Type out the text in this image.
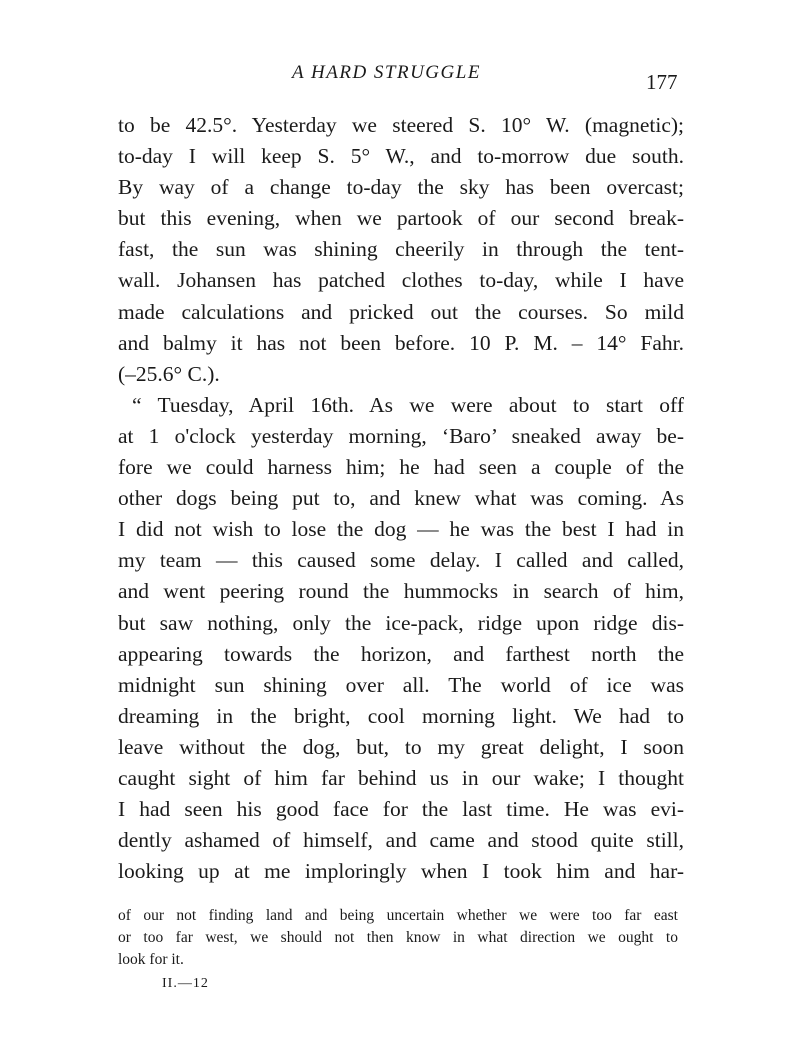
A HARD STRUGGLE	177
to be 42.5°. Yesterday we steered S. 10° W. (magnetic);
to-day I will keep S. 5° W., and to-morrow due south.
By way of a change to-day the sky has been overcast;
but this evening, when we partook of our second break-
fast, the sun was shining cheerily in through the tent-
wall. Johansen has patched clothes to-day, while I have
made calculations and pricked out the courses. So mild
and balmy it has not been before. 10 P. M. – 14° Fahr.
(–25.6° C.).
“ Tuesday, April 16th. As we were about to start off
at 1 o'clock yesterday morning, ‘Baro’ sneaked away be-
fore we could harness him; he had seen a couple of the
other dogs being put to, and knew what was coming. As
I did not wish to lose the dog — he was the best I had in
my team — this caused some delay. I called and called,
and went peering round the hummocks in search of him,
but saw nothing, only the ice-pack, ridge upon ridge dis-
appearing towards the horizon, and farthest north the
midnight sun shining over all. The world of ice was
dreaming in the bright, cool morning light. We had to
leave without the dog, but, to my great delight, I soon
caught sight of him far behind us in our wake; I thought
I had seen his good face for the last time. He was evi-
dently ashamed of himself, and came and stood quite still,
looking up at me imploringly when I took him and har-
of our not finding land and being uncertain whether we were too far east
or too far west, we should not then know in what direction we ought to
look for it.
II.—12
